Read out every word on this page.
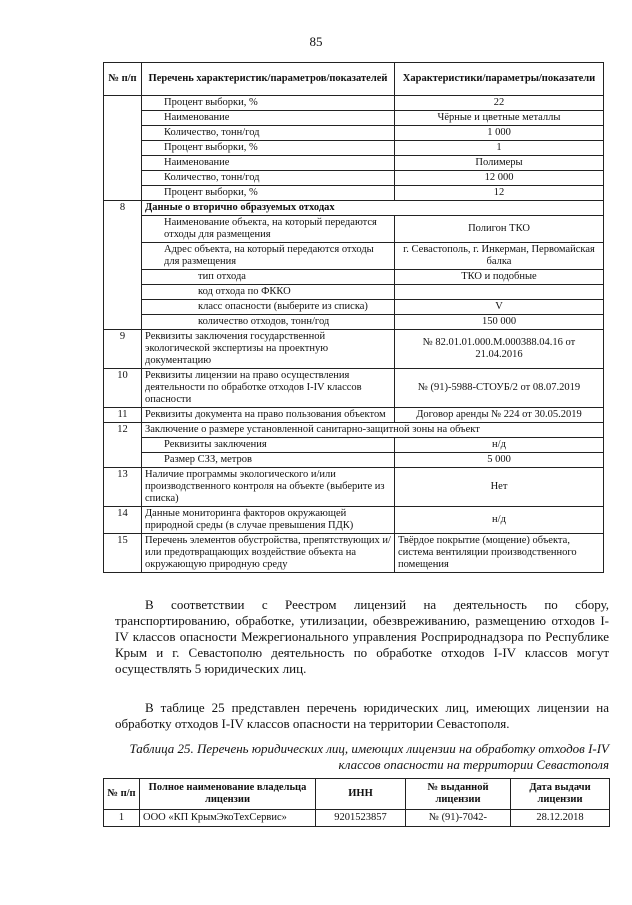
85
№ п/п	Перечень характеристик/параметров/показателей	Характеристики/параметры/показатели
	Процент выборки, %	22
	Наименование	Чёрные и цветные металлы
	Количество, тонн/год	1 000
	Процент выборки, %	1
	Наименование	Полимеры
	Количество, тонн/год	12 000
	Процент выборки, %	12
8	Данные о вторично образуемых отходах	
	Наименование объекта, на который передаются отходы для размещения	Полигон ТКО
	Адрес объекта, на который передаются отходы для размещения	г. Севастополь, г. Инкерман, Первомайская балка
	тип отхода	ТКО и подобные
	код отхода по ФККО	
	класс опасности (выберите из списка)	V
	количество отходов, тонн/год	150 000
9	Реквизиты заключения государственной экологической экспертизы на проектную документацию	№ 82.01.01.000.М.000388.04.16 от 21.04.2016
10	Реквизиты лицензии на право осуществления деятельности по обработке отходов I-IV классов опасности	№ (91)-5988-СТОУБ/2 от 08.07.2019
11	Реквизиты документа на право пользования объектом	Договор аренды № 224 от 30.05.2019
12	Заключение о размере установленной санитарно-защитной зоны на объект	
	Реквизиты заключения	н/д
	Размер СЗЗ, метров	5 000
13	Наличие программы экологического и/или производственного контроля на объекте (выберите из списка)	Нет
14	Данные мониторинга факторов окружающей природной среды (в случае превышения ПДК)	н/д
15	Перечень элементов обустройства, препятствующих и/или предотвращающих воздействие объекта на окружающую природную среду	Твёрдое покрытие (мощение) объекта, система вентиляции производственного помещения

В соответствии с Реестром лицензий на деятельность по сбору, транспортированию, обработке, утилизации, обезвреживанию, размещению отходов I-IV классов опасности Межрегионального управления Росприроднадзора по Республике Крым и г. Севастополю деятельность по обработке отходов I-IV классов могут осуществлять 5 юридических лиц.

В таблице 25 представлен перечень юридических лиц, имеющих лицензии на обработку отходов I-IV классов опасности на территории Севастополя.

Таблица 25. Перечень юридических лиц, имеющих лицензии на обработку отходов I-IV классов опасности на территории Севастополя

№ п/п	Полное наименование владельца лицензии	ИНН	№ выданной лицензии	Дата выдачи лицензии
1	ООО «КП КрымЭкоТехСервис»	9201523857	№ (91)-7042-	28.12.2018
